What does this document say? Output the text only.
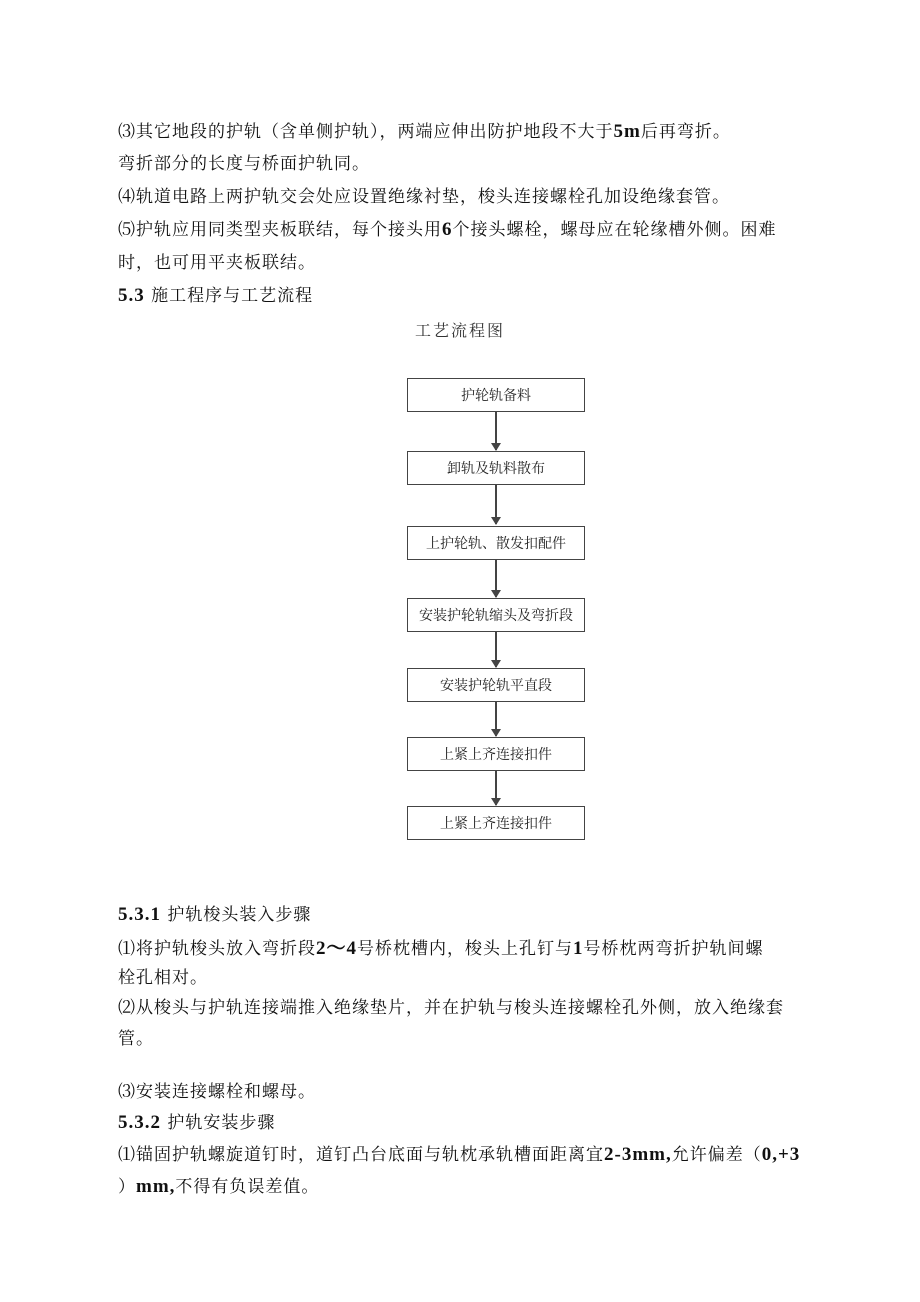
⑶其它地段的护轨（含单侧护轨），两端应伸出防护地段不大于5m后再弯折。
弯折部分的长度与桥面护轨同。
⑷轨道电路上两护轨交会处应设置绝缘衬垫，梭头连接螺栓孔加设绝缘套管。
⑸护轨应用同类型夹板联结，每个接头用6个接头螺栓，螺母应在轮缘槽外侧。困难
时，也可用平夹板联结。
5.3 施工程序与工艺流程
工艺流程图
护轮轨备料
卸轨及轨料散布
上护轮轨、散发扣配件
安装护轮轨缩头及弯折段
安装护轮轨平直段
上紧上齐连接扣件
上紧上齐连接扣件
5.3.1 护轨梭头装入步骤
⑴将护轨梭头放入弯折段2～4号桥枕槽内，梭头上孔钉与1号桥枕两弯折护轨间螺
栓孔相对。
⑵从梭头与护轨连接端推入绝缘垫片，并在护轨与梭头连接螺栓孔外侧，放入绝缘套
管。
⑶安装连接螺栓和螺母。
5.3.2 护轨安装步骤
⑴锚固护轨螺旋道钉时，道钉凸台底面与轨枕承轨槽面距离宜2-3mm,允许偏差（0,+3
）mm,不得有负误差值。
